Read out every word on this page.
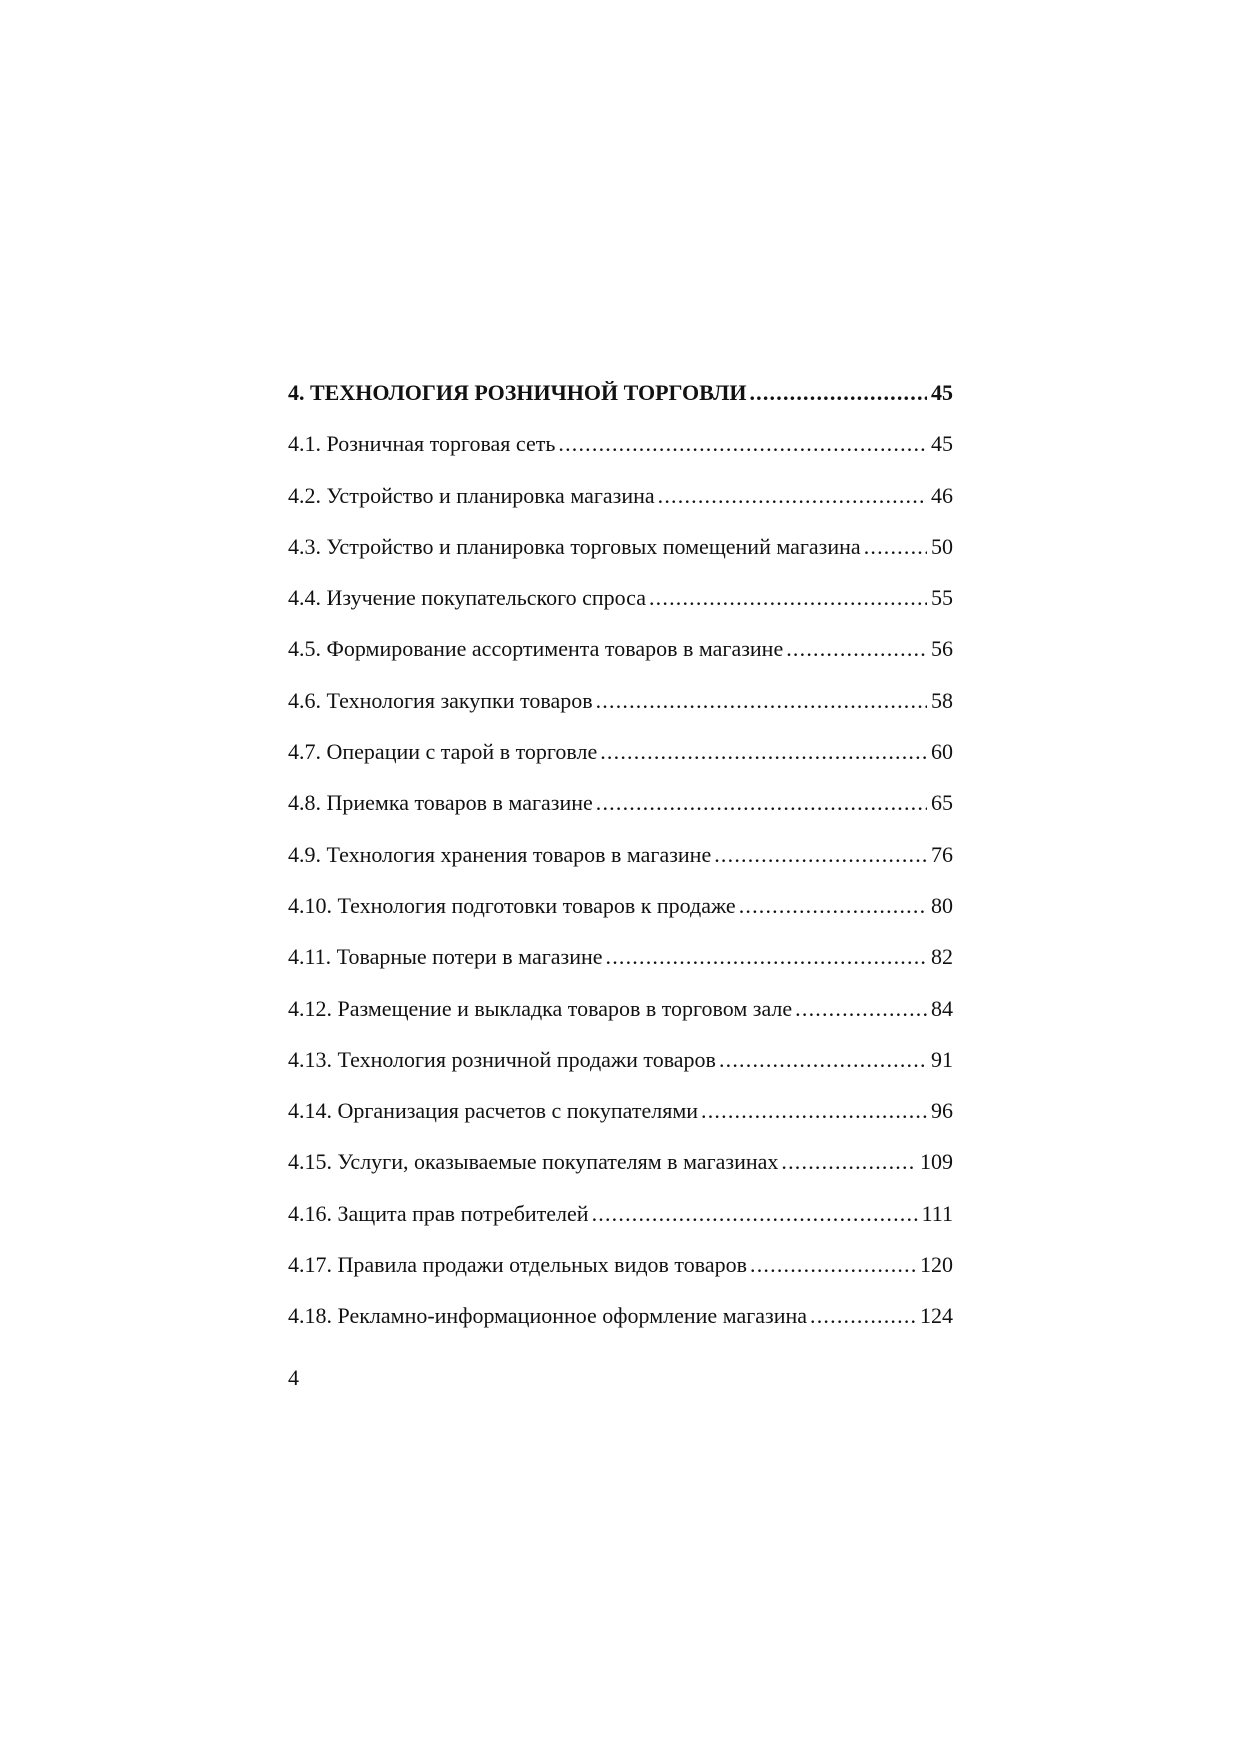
4. ТЕХНОЛОГИЯ РОЗНИЧНОЙ ТОРГОВЛИ .....	45
4.1. Розничная торговая сеть .....	45
4.2. Устройство и планировка магазина .....	46
4.3. Устройство и планировка торговых помещений магазина .....	50
4.4. Изучение покупательского спроса .....	55
4.5. Формирование ассортимента товаров в магазине .....	56
4.6. Технология закупки товаров .....	58
4.7. Операции с тарой в торговле .....	60
4.8. Приемка товаров в магазине .....	65
4.9. Технология хранения товаров в магазине .....	76
4.10. Технология подготовки товаров к продаже .....	80
4.11. Товарные потери в магазине .....	82
4.12. Размещение и выкладка товаров в торговом зале .....	84
4.13. Технология розничной продажи товаров .....	91
4.14. Организация расчетов с покупателями .....	96
4.15. Услуги, оказываемые покупателям в магазинах .....	109
4.16. Защита прав потребителей .....	111
4.17. Правила продажи отдельных видов товаров .....	120
4.18. Рекламно-информационное оформление магазина .....	124
4
